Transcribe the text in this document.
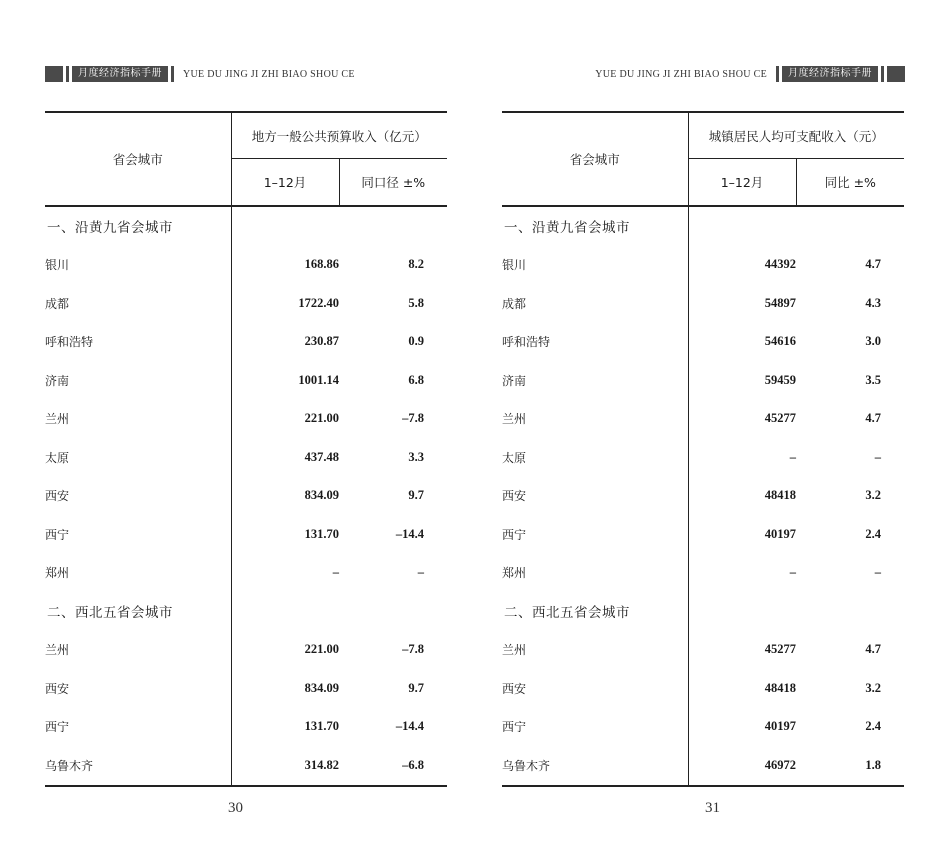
月度经济指标手册	YUE DU JING JI ZHI BIAO SHOU CE
省会城市	地方一般公共预算收入（亿元）	
	1–12月	同口径 ±%
一、沿黄九省会城市		
银川	168.86	8.2
成都	1722.40	5.8
呼和浩特	230.87	0.9
济南	1001.14	6.8
兰州	221.00	–7.8
太原	437.48	3.3
西安	834.09	9.7
西宁	131.70	–14.4
郑州	–	–
二、西北五省会城市		
兰州	221.00	–7.8
西安	834.09	9.7
西宁	131.70	–14.4
乌鲁木齐	314.82	–6.8
30
YUE DU JING JI ZHI BIAO SHOU CE	月度经济指标手册
省会城市	城镇居民人均可支配收入（元）	
	1–12月	同比 ±%
一、沿黄九省会城市		
银川	44392	4.7
成都	54897	4.3
呼和浩特	54616	3.0
济南	59459	3.5
兰州	45277	4.7
太原	–	–
西安	48418	3.2
西宁	40197	2.4
郑州	–	–
二、西北五省会城市		
兰州	45277	4.7
西安	48418	3.2
西宁	40197	2.4
乌鲁木齐	46972	1.8
31
